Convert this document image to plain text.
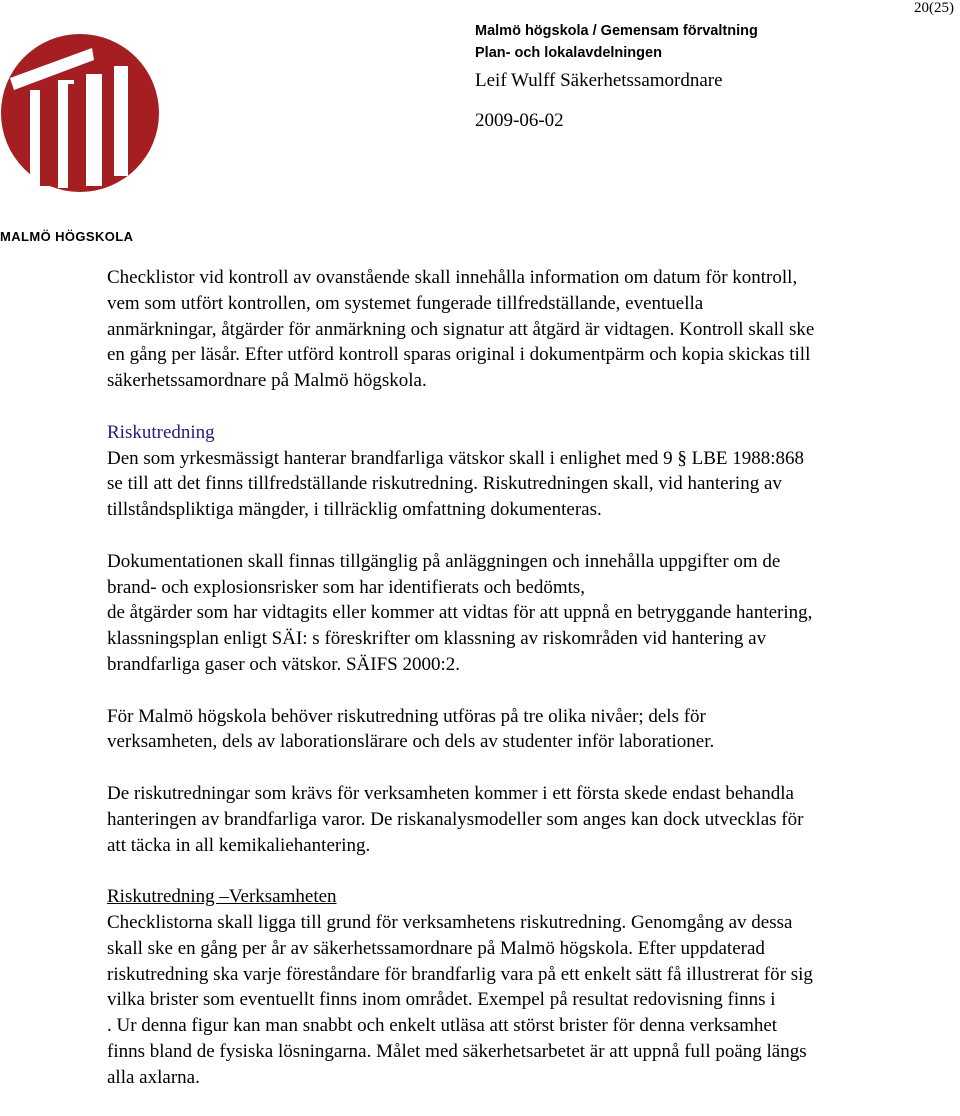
20(25)
MALMÖ HÖGSKOLA
Malmö högskola / Gemensam förvaltning
Plan- och lokalavdelningen
Leif Wulff Säkerhetssamordnare
2009-06-02
Checklistor vid kontroll av ovanstående skall innehålla information om datum för kontroll,
vem som utfört kontrollen, om systemet fungerade tillfredställande, eventuella
anmärkningar, åtgärder för anmärkning och signatur att åtgärd är vidtagen. Kontroll skall ske
en gång per läsår. Efter utförd kontroll sparas original i dokumentpärm och kopia skickas till
säkerhetssamordnare på Malmö högskola.
Riskutredning
Den som yrkesmässigt hanterar brandfarliga vätskor skall i enlighet med 9 § LBE 1988:868
se till att det finns tillfredställande riskutredning. Riskutredningen skall, vid hantering av
tillståndspliktiga mängder, i tillräcklig omfattning dokumenteras.
Dokumentationen skall finnas tillgänglig på anläggningen och innehålla uppgifter om de
brand- och explosionsrisker som har identifierats och bedömts,
de åtgärder som har vidtagits eller kommer att vidtas för att uppnå en betryggande hantering,
klassningsplan enligt SÄI: s föreskrifter om klassning av riskområden vid hantering av
brandfarliga gaser och vätskor. SÄIFS 2000:2.
För Malmö högskola behöver riskutredning utföras på tre olika nivåer; dels för
verksamheten, dels av laborationslärare och dels av studenter inför laborationer.
De riskutredningar som krävs för verksamheten kommer i ett första skede endast behandla
hanteringen av brandfarliga varor. De riskanalysmodeller som anges kan dock utvecklas för
att täcka in all kemikaliehantering.
Riskutredning –Verksamheten
Checklistorna skall ligga till grund för verksamhetens riskutredning. Genomgång av dessa
skall ske en gång per år av säkerhetssamordnare på Malmö högskola. Efter uppdaterad
riskutredning ska varje föreståndare för brandfarlig vara på ett enkelt sätt få illustrerat för sig
vilka brister som eventuellt finns inom området. Exempel på resultat redovisning finns i
. Ur denna figur kan man snabbt och enkelt utläsa att störst brister för denna verksamhet
finns bland de fysiska lösningarna. Målet med säkerhetsarbetet är att uppnå full poäng längs
alla axlarna.
